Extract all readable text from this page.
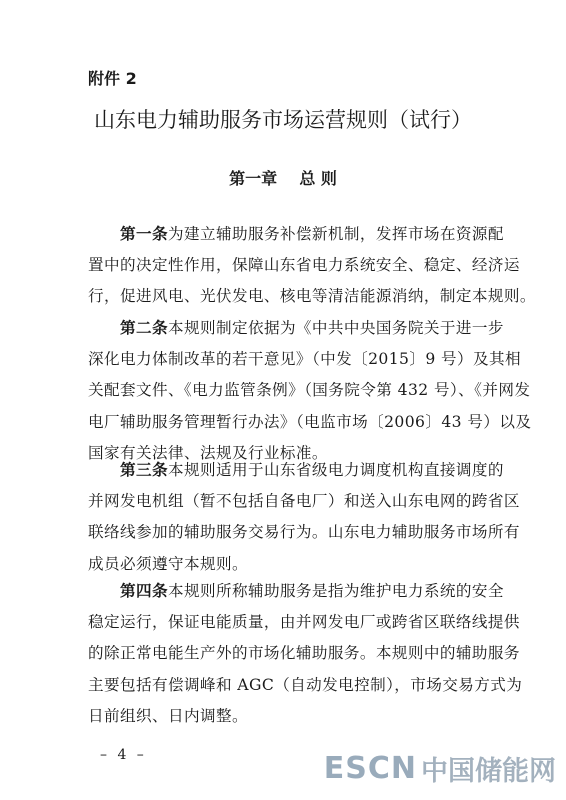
附件 2
山东电力辅助服务市场运营规则（试行）
第一章    总 则
　　第一条为建立辅助服务补偿新机制，发挥市场在资源配
置中的决定性作用，保障山东省电力系统安全、稳定、经济运
行，促进风电、光伏发电、核电等清洁能源消纳，制定本规则。
　　第二条本规则制定依据为《中共中央国务院关于进一步
深化电力体制改革的若干意见》（中发〔2015〕9 号）及其相
关配套文件、《电力监管条例》（国务院令第 432 号）、《并网发
电厂辅助服务管理暂行办法》（电监市场〔2006〕43 号）以及
国家有关法律、法规及行业标准。
　　第三条本规则适用于山东省级电力调度机构直接调度的
并网发电机组（暂不包括自备电厂）和送入山东电网的跨省区
联络线参加的辅助服务交易行为。山东电力辅助服务市场所有
成员必须遵守本规则。
　　第四条本规则所称辅助服务是指为维护电力系统的安全
稳定运行，保证电能质量，由并网发电厂或跨省区联络线提供
的除正常电能生产外的市场化辅助服务。本规则中的辅助服务
主要包括有偿调峰和 AGC（自动发电控制），市场交易方式为
日前组织、日内调整。
– 4 –	ESCN 中国储能网
